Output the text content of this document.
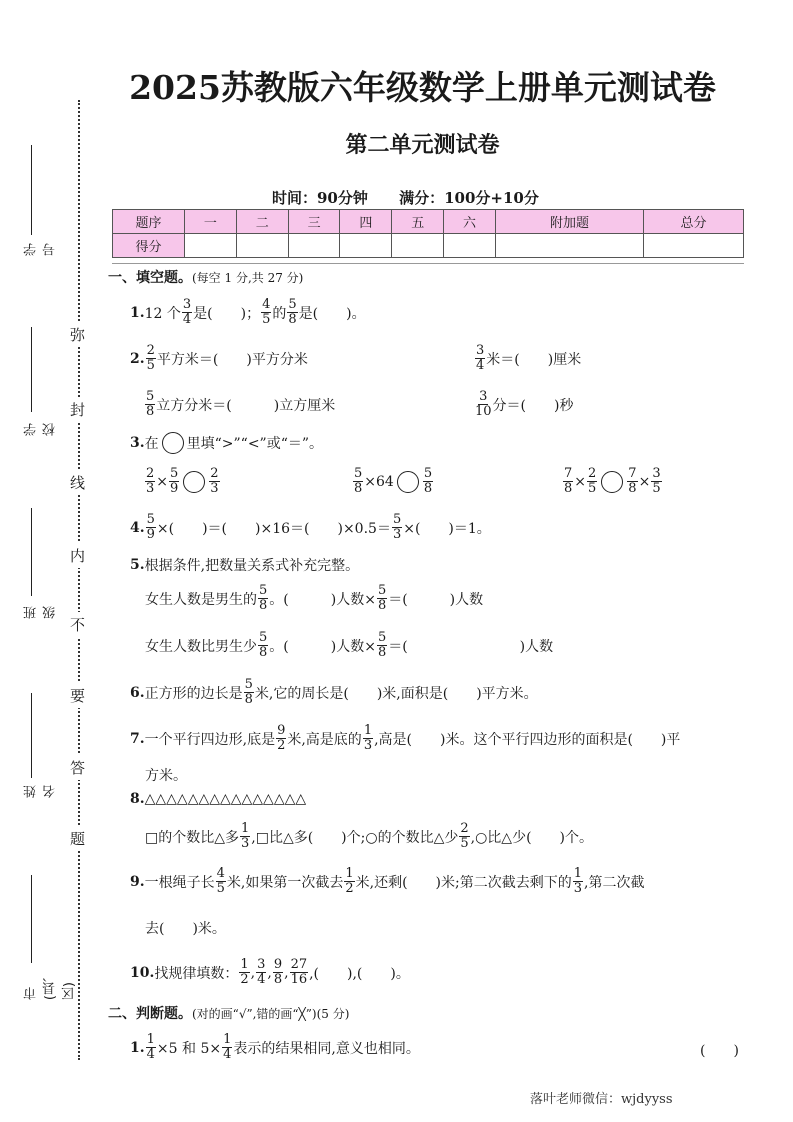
2025苏教版六年级数学上册单元测试卷
第二单元测试卷
时间：90分钟 满分：100分+10分
题序	一	二	三	四	五	六	附加题	总分
得分								
弥
封
线
内
不
要
答
题
学号
学校
班级
姓名
市(县、区)
一、填空题。(每空 1 分,共 27 分)
1. 12 个 $\frac{3}{4}$ 是(　　)； $\frac{4}{5}$ 的 $\frac{5}{8}$ 是(　　)。
2. $\frac{2}{5}$ 平方米＝(　　)平方分米	$\frac{3}{4}$ 米＝(　　)厘米
$\frac{5}{8}$ 立方分米＝(　　　)立方厘米	$\frac{3}{10}$ 分＝(　　)秒
3. 在 里填“>”“<”或“＝”。
$\frac{2}{3} \times \frac{5}{9} \frac{2}{3}$	$\frac{5}{8} \times 64 \frac{5}{8}$	$\frac{7}{8} \times \frac{2}{5} \frac{7}{8} \times \frac{3}{5}$
4. $\frac{5}{9}$ ×(　　)＝(　　)×16＝(　　)$\times 0.5= \frac{5}{3}$ ×(　　)＝1。
5. 根据条件,把数量关系式补充完整。
女生人数是男生的 $\frac{5}{8}$ 。(　　　)人数× $\frac{5}{8}$ ＝(　　　)人数
女生人数比男生少 $\frac{5}{8}$ 。(　　　)人数× $\frac{5}{8}$ ＝(　　　　　　　　)人数
6. 正方形的边长是 $\frac{5}{8}$ 米,它的周长是(　　)米,面积是(　　)平方米。
7. 一个平行四边形,底是 $\frac{9}{2}$ 米,高是底的 $\frac{1}{3}$ ,高是(　　)米。这个平行四边形的面积是(　　)平
方米。
8. △△△△△△△△△△△△△△△
□的个数比△多 $\frac{1}{3}$ ,□比△多(　　)个;○的个数比△少 $\frac{2}{5}$ ,○比△少(　　)个。
9. 一根绳子长 $\frac{4}{5}$ 米,如果第一次截去 $\frac{1}{2}$ 米,还剩(　　)米;第二次截去剩下的 $\frac{1}{3}$ ,第二次截
去(　　)米。
10. 找规律填数： $\frac{1}{2}$ , $\frac{3}{4}$ , $\frac{9}{8}$ , $\frac{27}{16}$ ,(　　),(　　)。
二、判断题。(对的画“√”,错的画“╳”)(5 分)
1. $\frac{1}{4} \times 5$ 和 $5\times \frac{1}{4}$ 表示的结果相同,意义也相同。	(　　)
落叶老师微信：wjdyyss
